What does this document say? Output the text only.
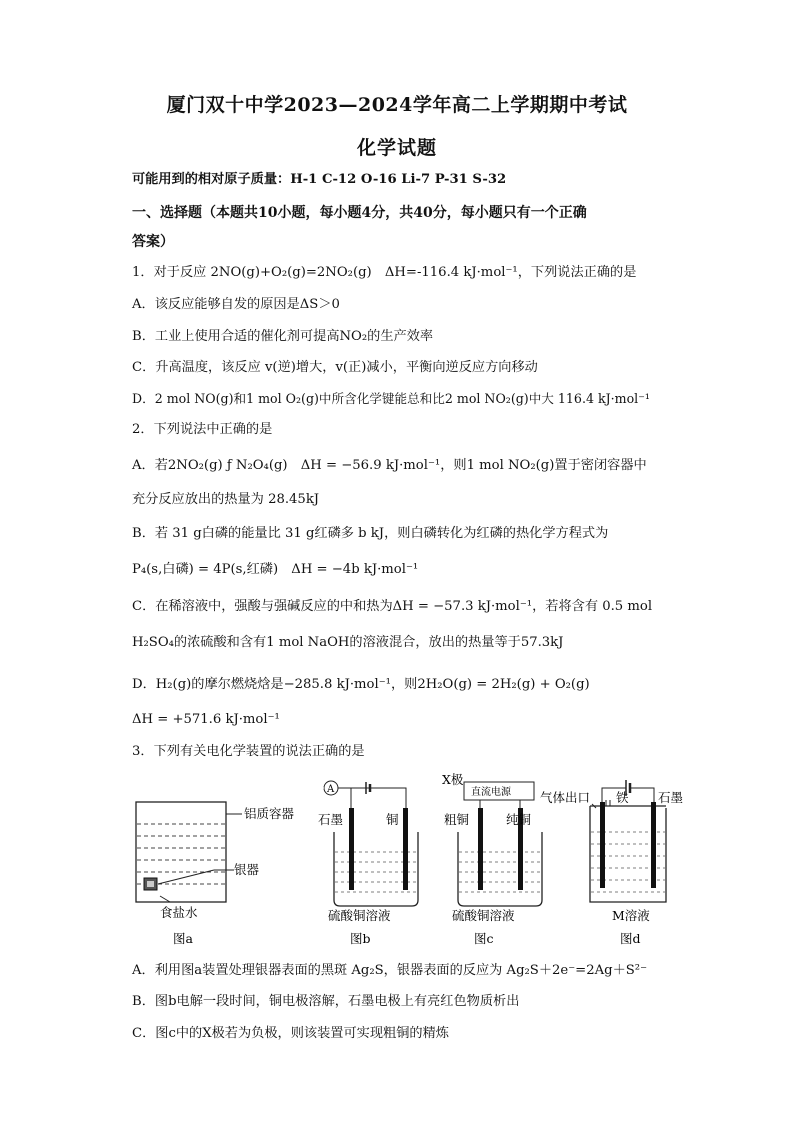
厦门双十中学2023—2024学年高二上学期期中考试
化学试题
可能用到的相对原子质量：H-1 C-12 O-16 Li-7 P-31 S-32
一、选择题（本题共10小题，每小题4分，共40分，每小题只有一个正确
答案）
1．对于反应 2NO(g)+O₂(g)=2NO₂(g)　ΔH=-116.4 kJ·mol⁻¹，下列说法正确的是
A．该反应能够自发的原因是ΔS＞0
B．工业上使用合适的催化剂可提高NO₂的生产效率
C．升高温度，该反应 v(逆)增大，v(正)减小，平衡向逆反应方向移动
D．2 mol NO(g)和1 mol O₂(g)中所含化学键能总和比2 mol NO₂(g)中大 116.4 kJ·mol⁻¹
2．下列说法中正确的是
A．若2NO₂(g) ƒ N₂O₄(g)　ΔH = −56.9 kJ·mol⁻¹，则1 mol NO₂(g)置于密闭容器中
充分反应放出的热量为 28.45kJ
B．若 31 g白磷的能量比 31 g红磷多 b kJ，则白磷转化为红磷的热化学方程式为
P₄(s,白磷) = 4P(s,红磷)　ΔH = −4b kJ·mol⁻¹
C．在稀溶液中，强酸与强碱反应的中和热为ΔH = −57.3 kJ·mol⁻¹，若将含有 0.5 mol
H₂SO₄的浓硫酸和含有1 mol NaOH的溶液混合，放出的热量等于57.3kJ
D．H₂(g)的摩尔燃烧焓是−285.8 kJ·mol⁻¹，则2H₂O(g) = 2H₂(g) + O₂(g)
ΔH = +571.6 kJ·mol⁻¹
3．下列有关电化学装置的说法正确的是
铝质容器
银器
食盐水
图a
A
石墨	铜
硫酸铜溶液
图b
X极
直流电源
粗铜	纯铜
硫酸铜溶液
图c
气体出口 铁 石墨
M溶液
图d
A．利用图a装置处理银器表面的黑斑 Ag₂S，银器表面的反应为 Ag₂S＋2e⁻=2Ag＋S²⁻
B．图b电解一段时间，铜电极溶解，石墨电极上有亮红色物质析出
C．图c中的X极若为负极，则该装置可实现粗铜的精炼
